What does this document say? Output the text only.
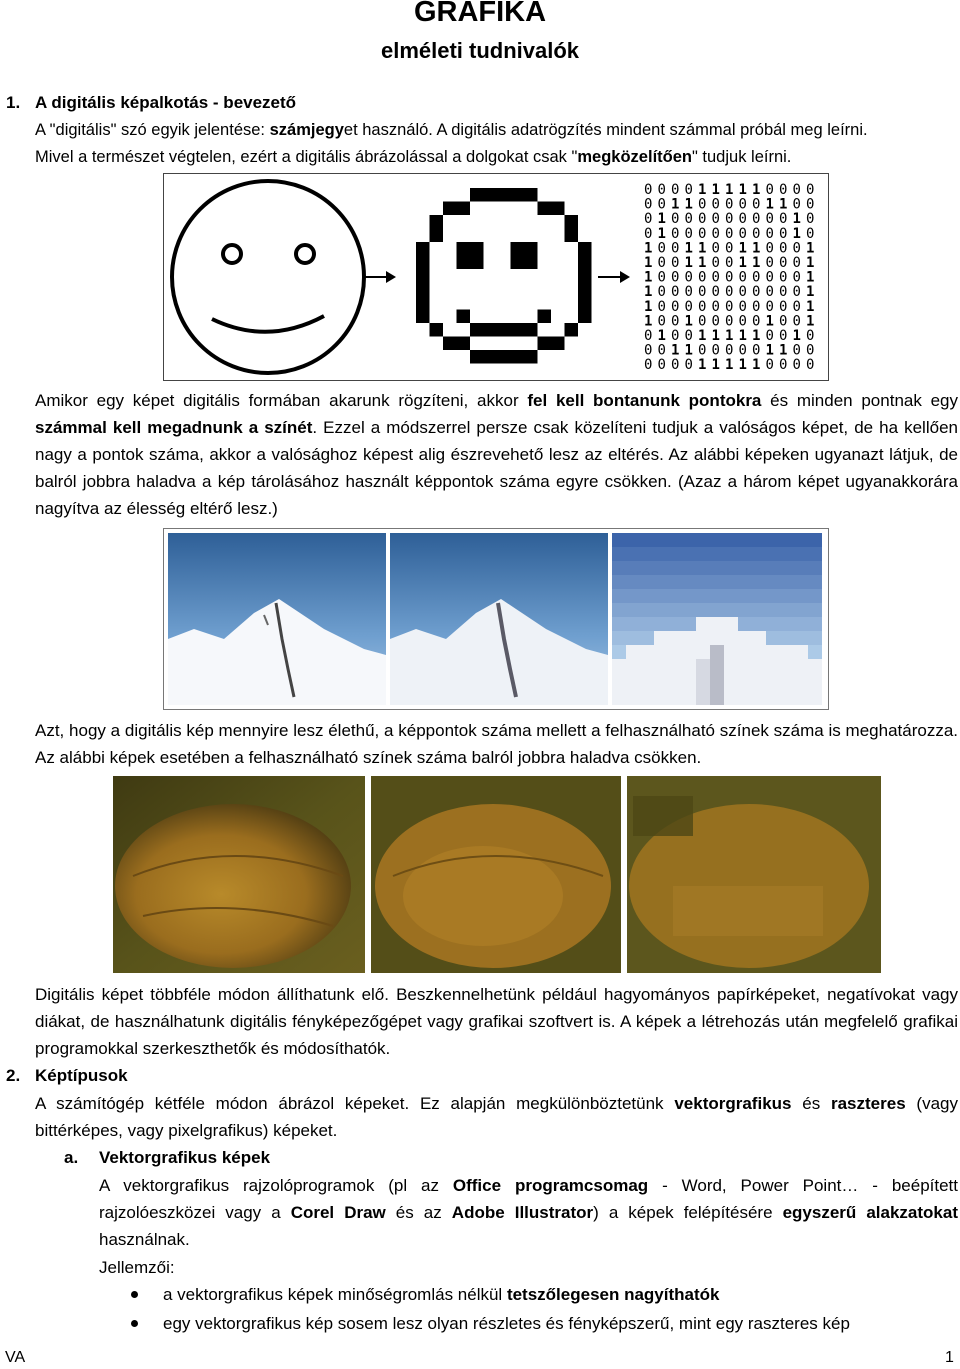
GRAFIKA
elméleti tudnivalók
1. A digitális képalkotás - bevezető
A "digitális" szó egyik jelentése: számjegyet használó. A digitális adatrögzítés mindent számmal próbál meg leírni.
Mivel a természet végtelen, ezért a digitális ábrázolással a dolgokat csak "megközelítően" tudjuk leírni.
0 0 0 0 1 1 1 1 1 0 0 0 0
0 0 1 1 0 0 0 0 0 1 1 0 0
0 1 0 0 0 0 0 0 0 0 0 1 0
0 1 0 0 0 0 0 0 0 0 0 1 0
1 0 0 1 1 0 0 1 1 0 0 0 1
1 0 0 1 1 0 0 1 1 0 0 0 1
1 0 0 0 0 0 0 0 0 0 0 0 1
1 0 0 0 0 0 0 0 0 0 0 0 1
1 0 0 0 0 0 0 0 0 0 0 0 1
1 0 0 1 0 0 0 0 0 1 0 0 1
0 1 0 0 1 1 1 1 1 0 0 1 0
0 0 1 1 0 0 0 0 0 1 1 0 0
0 0 0 0 1 1 1 1 1 0 0 0 0
Amikor egy képet digitális formában akarunk rögzíteni, akkor fel kell bontanunk pontokra és minden pontnak egy számmal kell megadnunk a színét. Ezzel a módszerrel persze csak közelíteni tudjuk a valóságos képet, de ha kellően nagy a pontok száma, akkor a valósághoz képest alig észrevehető lesz az eltérés. Az alábbi képeken ugyanazt látjuk, de balról jobbra haladva a kép tárolásához használt képpontok száma egyre csökken. (Azaz a három képet ugyanakkorára nagyítva az élesség eltérő lesz.)
Azt, hogy a digitális kép mennyire lesz élethű, a képpontok száma mellett a felhasználható színek száma is meghatározza. Az alábbi képek esetében a felhasználható színek száma balról jobbra haladva csökken.
Digitális képet többféle módon állíthatunk elő. Beszkennelhetünk például hagyományos papírképeket, negatívokat vagy diákat, de használhatunk digitális fényképezőgépet vagy grafikai szoftvert is. A képek a létrehozás után megfelelő grafikai programokkal szerkeszthetők és módosíthatók.
2. Képtípusok
A számítógép kétféle módon ábrázol képeket. Ez alapján megkülönböztetünk vektorgrafikus és raszteres (vagy bittérképes, vagy pixelgrafikus) képeket.
a. Vektorgrafikus képek
A vektorgrafikus rajzolóprogramok (pl az Office programcsomag - Word, Power Point… - beépített rajzolóeszközei vagy a Corel Draw és az Adobe Illustrator) a képek felépítésére egyszerű alakzatokat használnak.
Jellemzői:
a vektorgrafikus képek minőségromlás nélkül tetszőlegesen nagyíthatók
egy vektorgrafikus kép sosem lesz olyan részletes és fényképszerű, mint egy raszteres kép
VA	1
